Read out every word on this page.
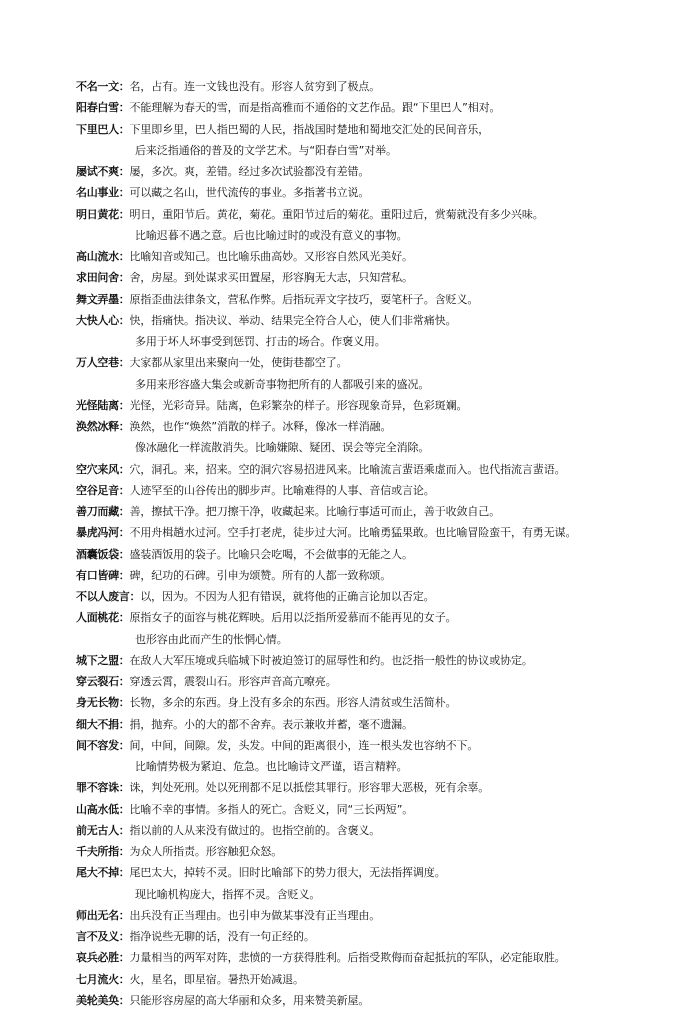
不名一文：名，占有。连一文钱也没有。形容人贫穷到了极点。
阳春白雪：不能理解为春天的雪，而是指高雅而不通俗的文艺作品。跟“下里巴人”相对。
下里巴人：下里即乡里，巴人指巴蜀的人民，指战国时楚地和蜀地交汇处的民间音乐，
后来泛指通俗的普及的文学艺术。与“阳春白雪”对举。
屡试不爽：屡，多次。爽，差错。经过多次试验都没有差错。
名山事业：可以藏之名山，世代流传的事业。多指著书立说。
明日黄花：明日，重阳节后。黄花，菊花。重阳节过后的菊花。重阳过后，赏菊就没有多少兴味。
比喻迟暮不遇之意。后也比喻过时的或没有意义的事物。
高山流水：比喻知音或知己。也比喻乐曲高妙。又形容自然风光美好。
求田问舍：舍，房屋。到处谋求买田置屋，形容胸无大志，只知营私。
舞文弄墨：原指歪曲法律条文，营私作弊。后指玩弄文字技巧，耍笔杆子。含贬义。
大快人心：快，指痛快。指决议、举动、结果完全符合人心，使人们非常痛快。
多用于坏人坏事受到惩罚、打击的场合。作褒义用。
万人空巷：大家都从家里出来聚向一处，使街巷都空了。
多用来形容盛大集会或新奇事物把所有的人都吸引来的盛况。
光怪陆离：光怪，光彩奇异。陆离，色彩繁杂的样子。形容现象奇异，色彩斑斓。
涣然冰释：涣然，也作“焕然”消散的样子。冰释，像冰一样消融。
像冰融化一样流散消失。比喻嫌隙、疑团、误会等完全消除。
空穴来风：穴，洞孔。来，招来。空的洞穴容易招进风来。比喻流言蜚语乘虚而入。也代指流言蜚语。
空谷足音：人迹罕至的山谷传出的脚步声。比喻难得的人事、音信或言论。
善刀而藏：善，擦拭干净。把刀擦干净，收藏起来。比喻行事适可而止，善于收敛自己。
暴虎冯河：不用舟楫趟水过河。空手打老虎，徒步过大河。比喻勇猛果敢。也比喻冒险蛮干，有勇无谋。
酒囊饭袋：盛装酒饭用的袋子。比喻只会吃喝，不会做事的无能之人。
有口皆碑：碑，纪功的石碑。引申为颂赞。所有的人都一致称颂。
不以人废言：以，因为。不因为人犯有错误，就将他的正确言论加以否定。
人面桃花：原指女子的面容与桃花辉映。后用以泛指所爱慕而不能再见的女子。
也形容由此而产生的怅惘心情。
城下之盟：在敌人大军压境或兵临城下时被迫签订的屈辱性和约。也泛指一般性的协议或协定。
穿云裂石：穿透云霄，震裂山石。形容声音高亢嘹亮。
身无长物：长物，多余的东西。身上没有多余的东西。形容人清贫或生活简朴。
细大不捐：捐，抛弃。小的大的都不舍弃。表示兼收并蓄，毫不遗漏。
间不容发：间，中间，间隙。发，头发。中间的距离很小，连一根头发也容纳不下。
比喻情势极为紧迫、危急。也比喻诗文严谨，语言精粹。
罪不容诛：诛，判处死刑。处以死刑都不足以抵偿其罪行。形容罪大恶极，死有余辜。
山高水低：比喻不幸的事情。多指人的死亡。含贬义，同“三长两短”。
前无古人：指以前的人从来没有做过的。也指空前的。含褒义。
千夫所指：为众人所指责。形容触犯众怒。
尾大不掉：尾巴太大，掉转不灵。旧时比喻部下的势力很大，无法指挥调度。
现比喻机构庞大，指挥不灵。含贬义。
师出无名：出兵没有正当理由。也引申为做某事没有正当理由。
言不及义：指净说些无聊的话，没有一句正经的。
哀兵必胜：力量相当的两军对阵，悲愤的一方获得胜利。后指受欺侮而奋起抵抗的军队，必定能取胜。
七月流火：火，星名，即星宿。暑热开始减退。
美轮美奂：只能形容房屋的高大华丽和众多，用来赞美新屋。
